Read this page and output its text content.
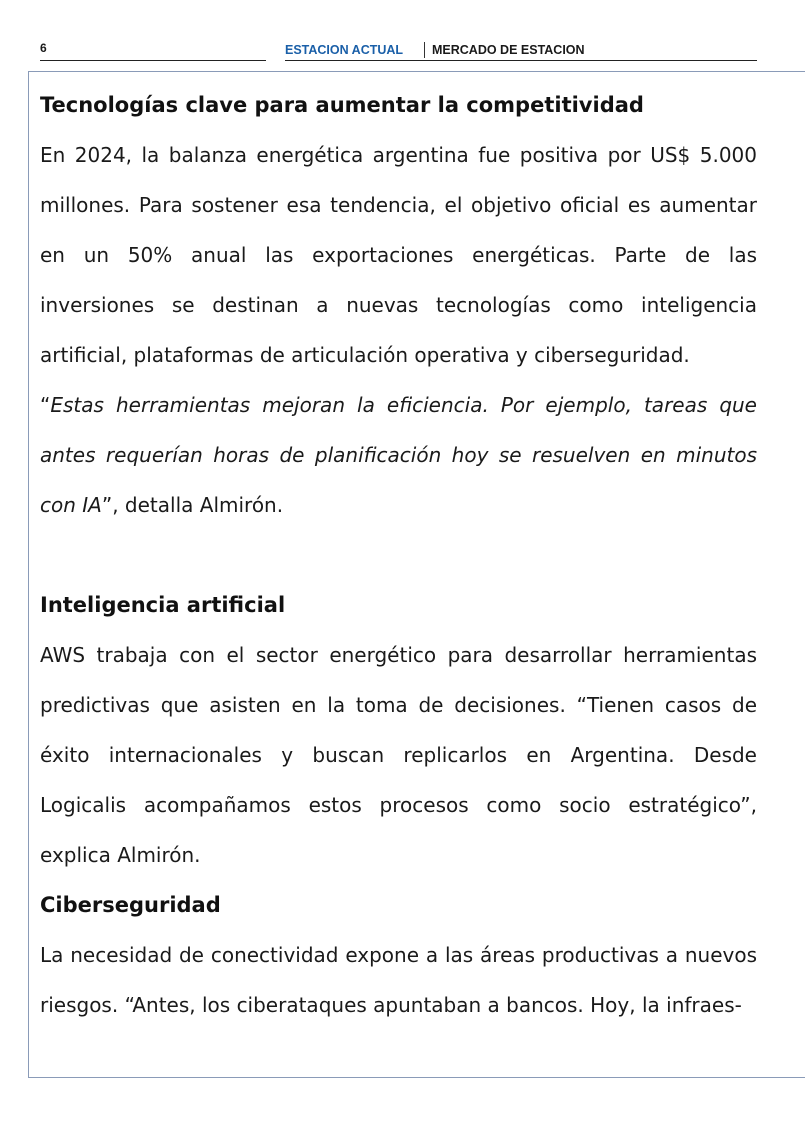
6	ESTACION ACTUAL MERCADO DE ESTACION
Tecnologías clave para aumentar la competitividad

En 2024, la balanza energética argentina fue positiva por US$ 5.000 millones. Para sostener esa tendencia, el objetivo oficial es aumentar en un 50% anual las exportaciones energéticas. Parte de las inversiones se destinan a nuevas tecnologías como inteligencia artificial, plataformas de articulación operativa y ciberseguridad.

“Estas herramientas mejoran la eficiencia. Por ejemplo, tareas que antes requerían horas de planificación hoy se resuelven en minutos con IA”, detalla Almirón.

Inteligencia artificial

AWS trabaja con el sector energético para desarrollar herramientas predictivas que asisten en la toma de decisiones. “Tienen casos de éxito internacionales y buscan replicarlos en Argentina. Desde Logicalis acompañamos estos procesos como socio estratégico”, explica Almirón.

Ciberseguridad

La necesidad de conectividad expone a las áreas productivas a nuevos riesgos. “Antes, los ciberataques apuntaban a bancos. Hoy, la infraes-
